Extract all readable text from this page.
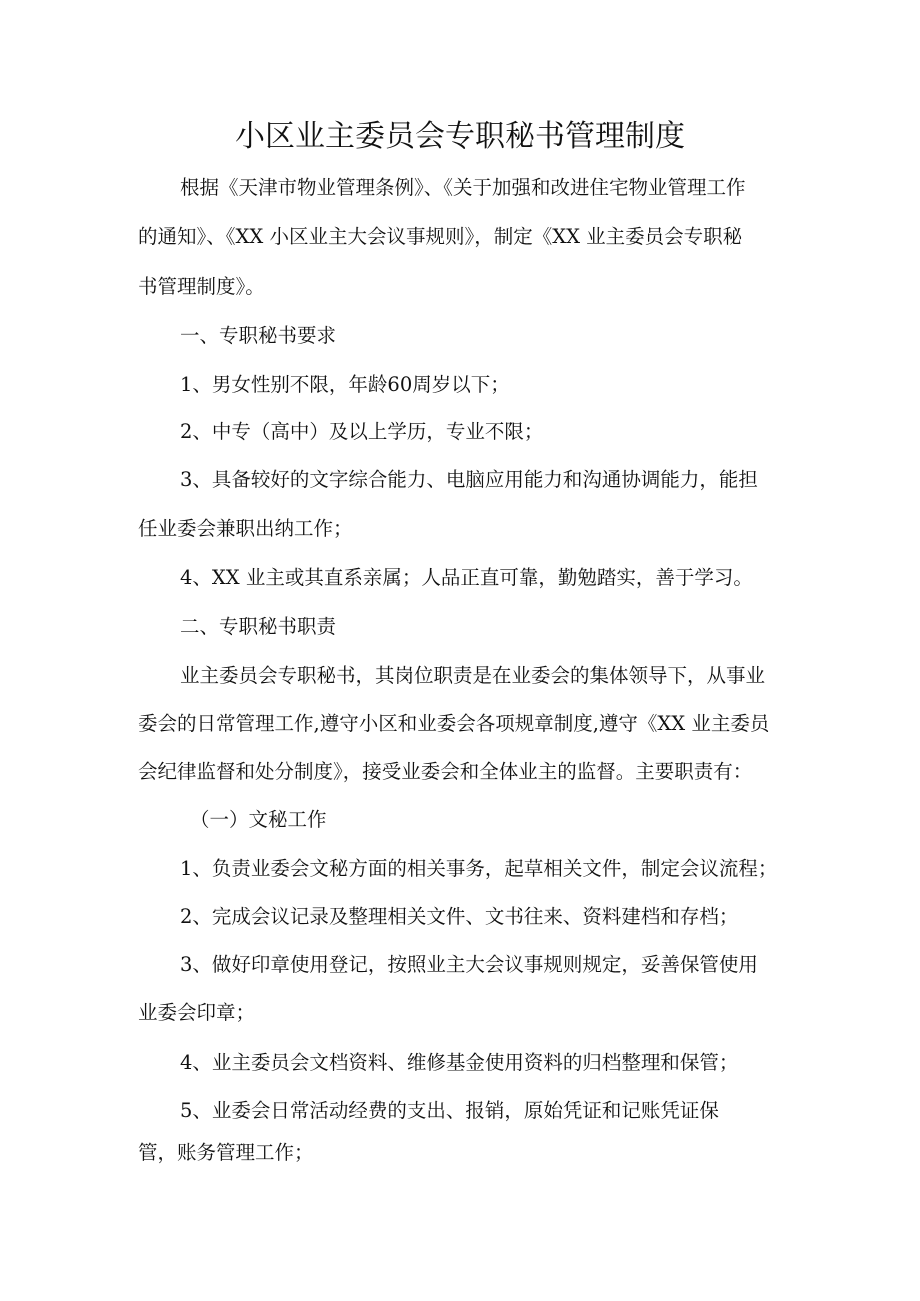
小区业主委员会专职秘书管理制度
根据《天津市物业管理条例》、《关于加强和改进住宅物业管理工作
的通知》、《XX 小区业主大会议事规则》，制定《XX 业主委员会专职秘
书管理制度》。
一、专职秘书要求
1、男女性别不限，年龄60周岁以下；
2、中专（高中）及以上学历，专业不限；
3、具备较好的文字综合能力、电脑应用能力和沟通协调能力，能担
任业委会兼职出纳工作；
4、XX 业主或其直系亲属；人品正直可靠，勤勉踏实，善于学习。
二、专职秘书职责
业主委员会专职秘书，其岗位职责是在业委会的集体领导下，从事业
委会的日常管理工作,遵守小区和业委会各项规章制度,遵守《XX 业主委员
会纪律监督和处分制度》，接受业委会和全体业主的监督。主要职责有：
（一）文秘工作
1、负责业委会文秘方面的相关事务，起草相关文件，制定会议流程；
2、完成会议记录及整理相关文件、文书往来、资料建档和存档；
3、做好印章使用登记，按照业主大会议事规则规定，妥善保管使用
业委会印章；
4、业主委员会文档资料、维修基金使用资料的归档整理和保管；
5、业委会日常活动经费的支出、报销，原始凭证和记账凭证保
管，账务管理工作；
